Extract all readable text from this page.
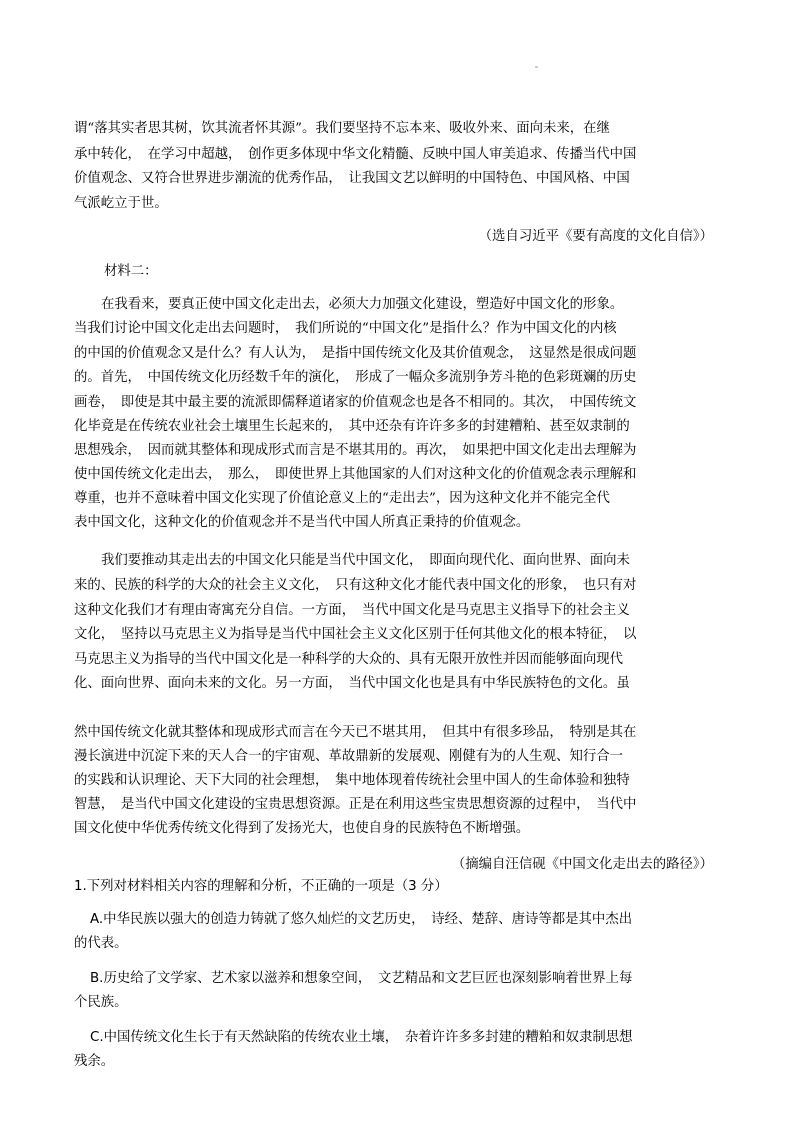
谓“落其实者思其树，饮其流者怀其源”。我们要坚持不忘本来、吸收外来、面向未来，在继
承中转化，　在学习中超越，　创作更多体现中华文化精髓、反映中国人审美追求、传播当代中国
价值观念、又符合世界进步潮流的优秀作品，　让我国文艺以鲜明的中国特色、中国风格、中国
气派屹立于世。
（选自习近平《要有高度的文化自信》）
材料二：
在我看来，要真正使中国文化走出去，必须大力加强文化建设，塑造好中国文化的形象。
当我们讨论中国文化走出去问题时，　我们所说的“中国文化”是指什么？作为中国文化的内核
的中国的价值观念又是什么？有人认为，　是指中国传统文化及其价值观念，　这显然是很成问题
的。首先，　中国传统文化历经数千年的演化，　形成了一幅众多流别争芳斗艳的色彩斑斓的历史
画卷，　即使是其中最主要的流派即儒释道诸家的价值观念也是各不相同的。其次，　中国传统文
化毕竟是在传统农业社会土壤里生长起来的，　其中还杂有许许多多的封建糟粕、甚至奴隶制的
思想残余，　因而就其整体和现成形式而言是不堪其用的。再次，　如果把中国文化走出去理解为
使中国传统文化走出去，　那么，　即使世界上其他国家的人们对这种文化的价值观念表示理解和
尊重，也并不意味着中国文化实现了价值论意义上的“走出去”，因为这种文化并不能完全代
表中国文化，这种文化的价值观念并不是当代中国人所真正秉持的价值观念。
我们要推动其走出去的中国文化只能是当代中国文化，　即面向现代化、面向世界、面向未
来的、民族的科学的大众的社会主义文化，　只有这种文化才能代表中国文化的形象，　也只有对
这种文化我们才有理由寄寓充分自信。一方面，　当代中国文化是马克思主义指导下的社会主义
文化，　坚持以马克思主义为指导是当代中国社会主义文化区别于任何其他文化的根本特征，　以
马克思主义为指导的当代中国文化是一种科学的大众的、具有无限开放性并因而能够面向现代
化、面向世界、面向未来的文化。另一方面，　当代中国文化也是具有中华民族特色的文化。虽
然中国传统文化就其整体和现成形式而言在今天已不堪其用，　但其中有很多珍品，　特别是其在
漫长演进中沉淀下来的天人合一的宇宙观、革故鼎新的发展观、刚健有为的人生观、知行合一
的实践和认识理论、天下大同的社会理想，　集中地体现着传统社会里中国人的生命体验和独特
智慧，　是当代中国文化建设的宝贵思想资源。正是在利用这些宝贵思想资源的过程中，　当代中
国文化使中华优秀传统文化得到了发扬光大，也使自身的民族特色不断增强。
（摘编自汪信砚《中国文化走出去的路径》）
1.下列对材料相关内容的理解和分析，不正确的一项是（3 分）
A.中华民族以强大的创造力铸就了悠久灿烂的文艺历史，　诗经、楚辞、唐诗等都是其中杰出
的代表。
B.历史给了文学家、艺术家以滋养和想象空间，　文艺精品和文艺巨匠也深刻影响着世界上每
个民族。
C.中国传统文化生长于有天然缺陷的传统农业土壤，　杂着许许多多封建的糟粕和奴隶制思想
残余。
